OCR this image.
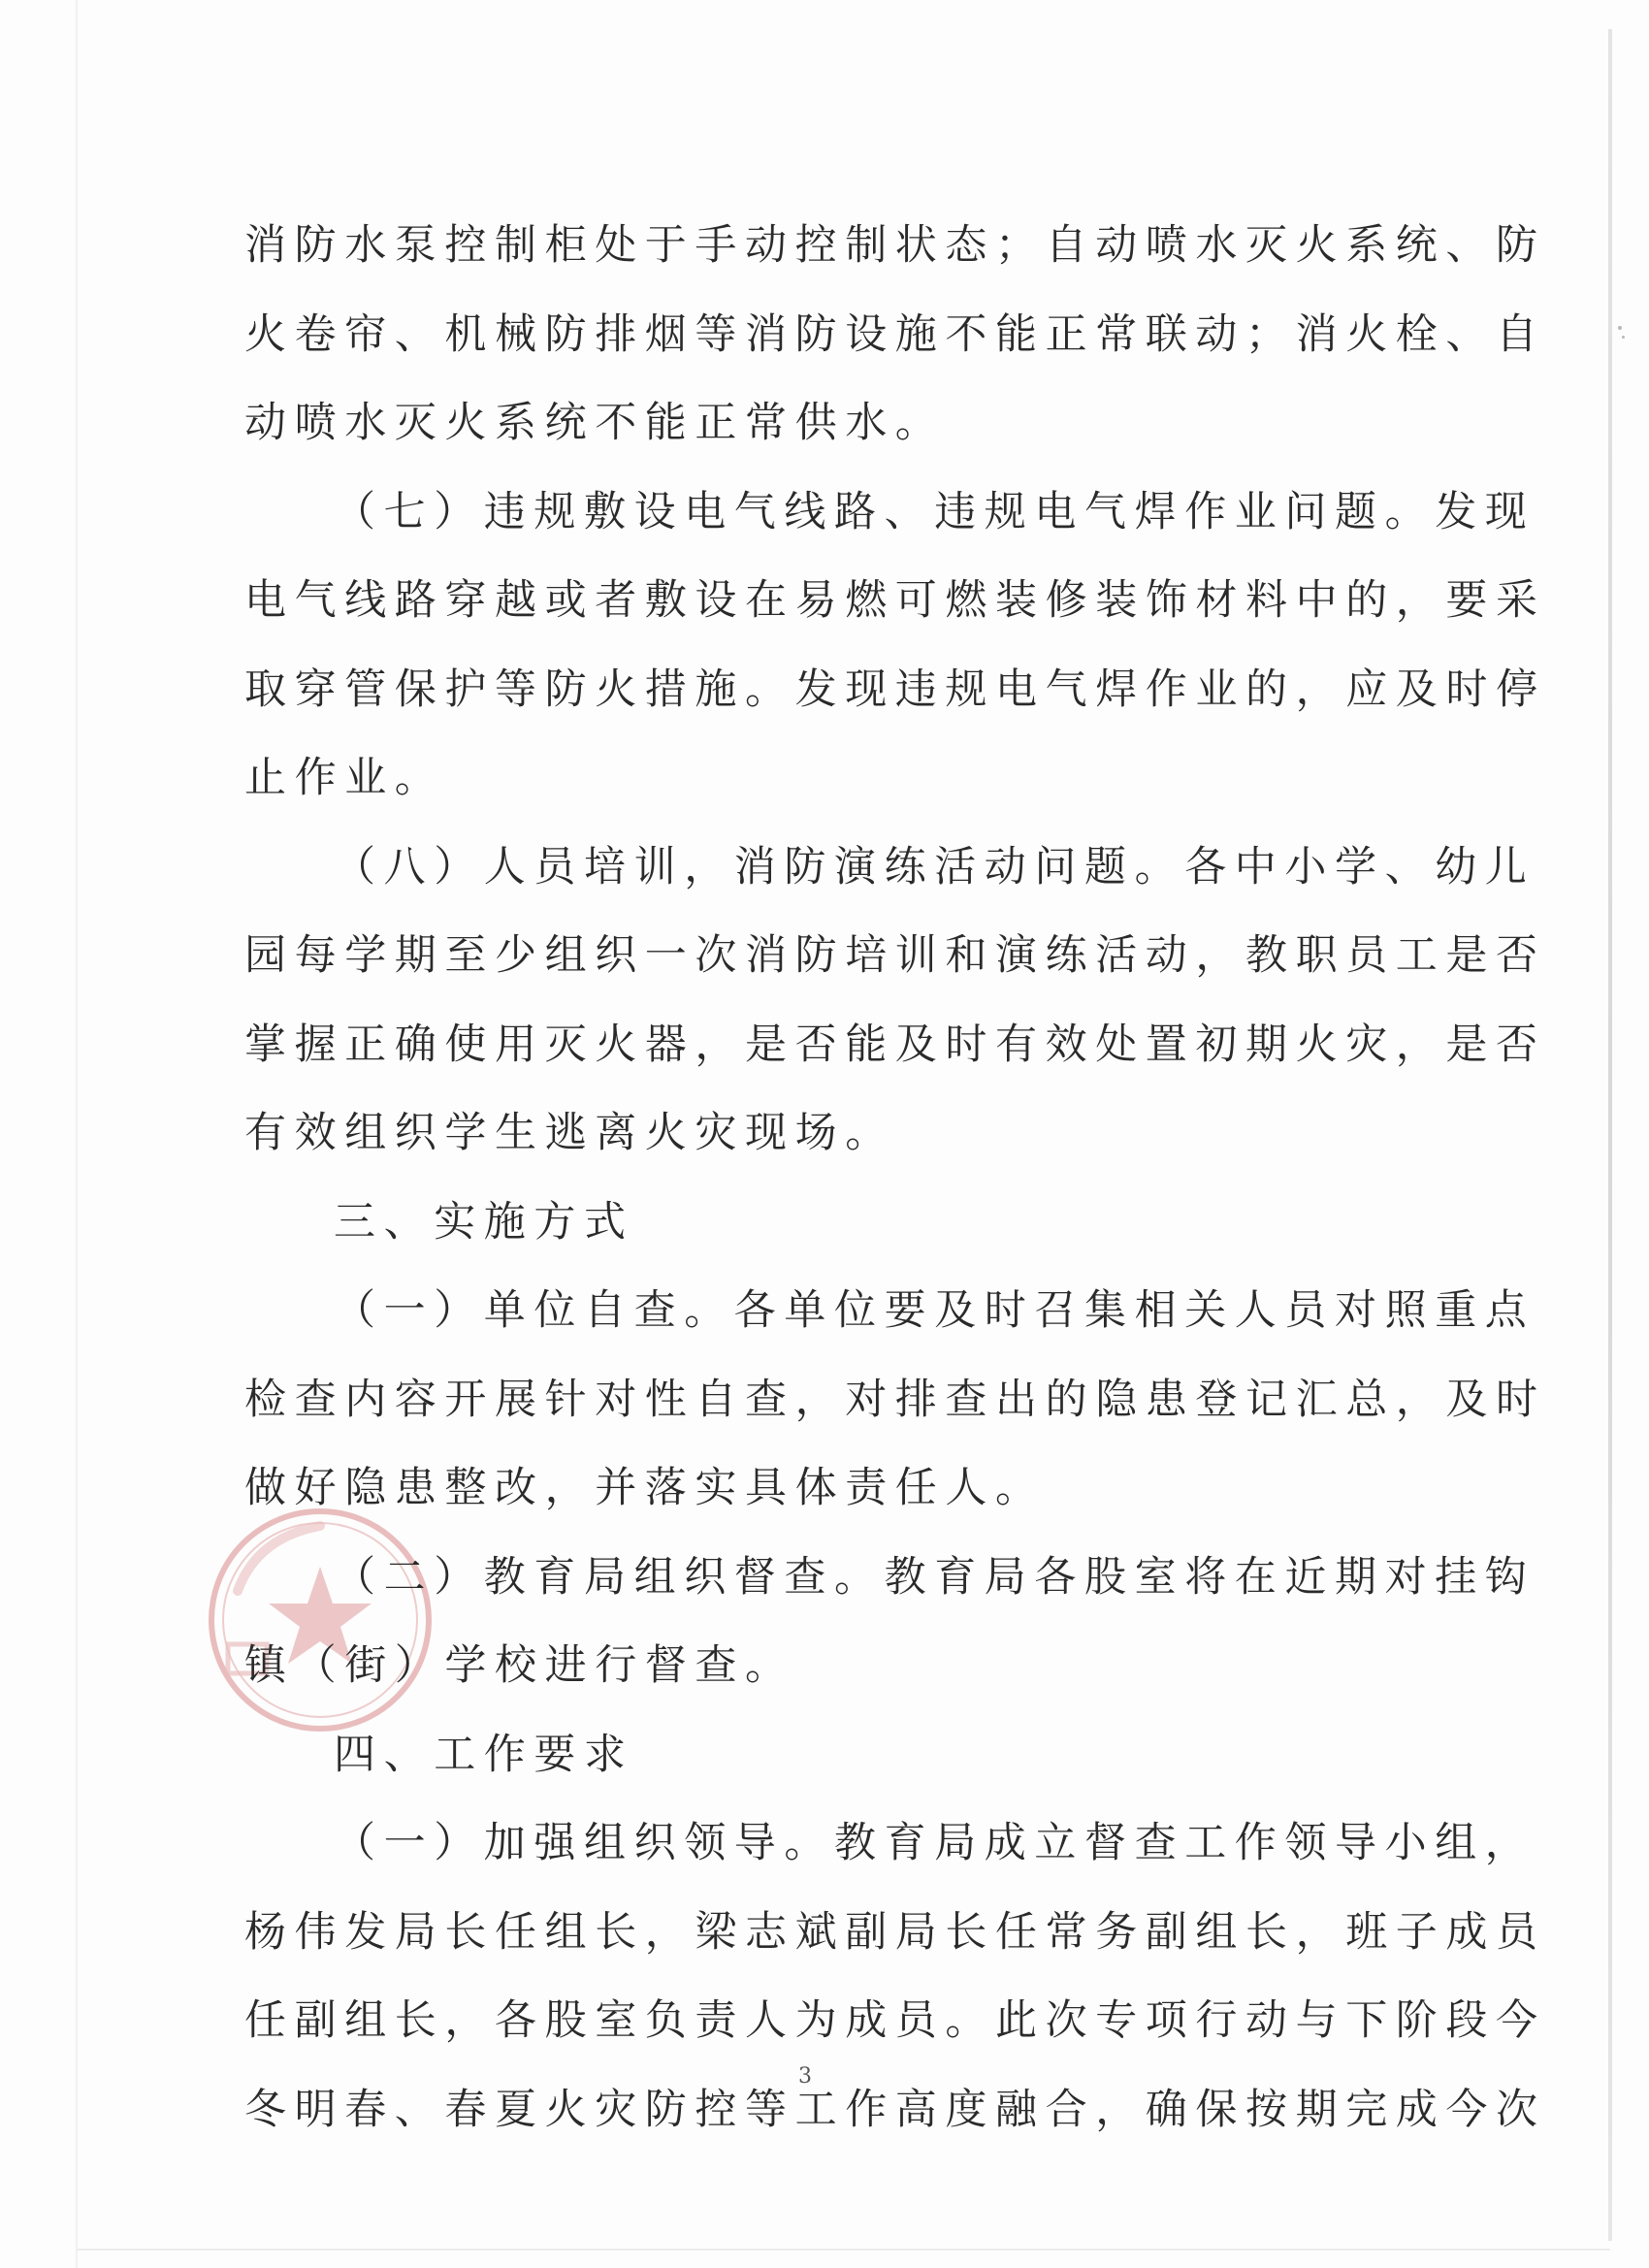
消防水泵控制柜处于手动控制状态；自动喷水灭火系统、防
火卷帘、机械防排烟等消防设施不能正常联动；消火栓、自
动喷水灭火系统不能正常供水。
（七）违规敷设电气线路、违规电气焊作业问题。发现
电气线路穿越或者敷设在易燃可燃装修装饰材料中的，要采
取穿管保护等防火措施。发现违规电气焊作业的，应及时停
止作业。
（八）人员培训，消防演练活动问题。各中小学、幼儿
园每学期至少组织一次消防培训和演练活动，教职员工是否
掌握正确使用灭火器，是否能及时有效处置初期火灾，是否
有效组织学生逃离火灾现场。
三、实施方式
（一）单位自查。各单位要及时召集相关人员对照重点
检查内容开展针对性自查，对排查出的隐患登记汇总，及时
做好隐患整改，并落实具体责任人。
（二）教育局组织督查。教育局各股室将在近期对挂钩
镇（街）学校进行督查。
四、工作要求
（一）加强组织领导。教育局成立督查工作领导小组，
杨伟发局长任组长，梁志斌副局长任常务副组长，班子成员
任副组长，各股室负责人为成员。此次专项行动与下阶段今
冬明春、春夏火灾防控等工作高度融合，确保按期完成今次
3
